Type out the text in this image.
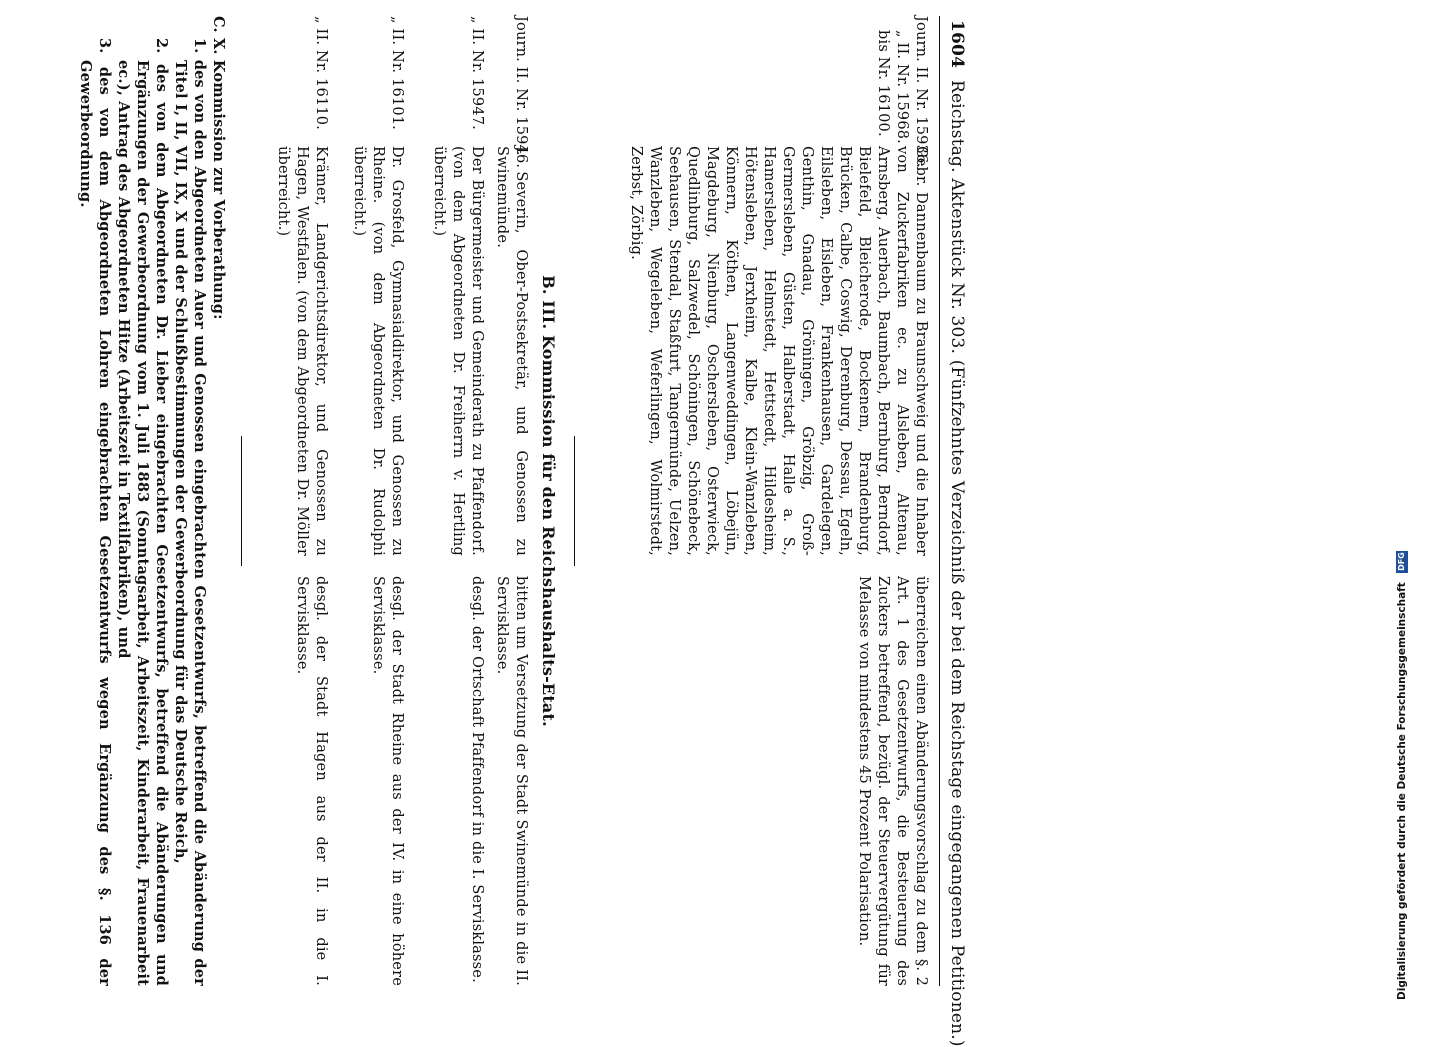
1604
Reichstag. Aktenstück Nr. 303. (Fünfzehntes Verzeichniß der bei dem Reichstage eingegangenen Petitionen.)
Journ. II. Nr. 15936.
„ II. Nr. 15968.
bis Nr. 16100.
Gebr. Dannenbaum zu Braunschweig und die Inhaber von Zuckerfabriken ec. zu Alsleben, Altenau, Arnsberg, Auerbach, Baumbach, Bernburg, Berndorf, Bielefeld, Bleicherode, Bockenem, Brandenburg, Brücken, Calbe, Coswig, Derenburg, Dessau, Egeln, Eilsleben, Eisleben, Frankenhausen, Gardelegen, Genthin, Gnadau, Gröningen, Gröbzig, Groß-Germersleben, Güsten, Halberstadt, Halle a. S., Hamersleben, Helmstedt, Hettstedt, Hildesheim, Hötensleben, Jerxheim, Kalbe, Klein-Wanzleben, Könnern, Köthen, Langenweddingen, Löbejün, Magdeburg, Nienburg, Oschersleben, Osterwieck, Quedlinburg, Salzwedel, Schöningen, Schönebeck, Seehausen, Stendal, Staßfurt, Tangermünde, Uelzen, Wanzleben, Wegeleben, Weferlingen, Wolmirstedt, Zerbst, Zörbig.
überreichen einen Abänderungsvorschlag zu dem §. 2 Art. 1 des Gesetzentwurfs, die Besteuerung des Zuckers betreffend, bezügl. der Steuervergütung für Melasse von mindestens 45 Prozent Polarisation.
B. III. Kommission für den Reichshaushalts-Etat.
Journ. II. Nr. 15946.
J. Severin, Ober-Postsekretär, und Genossen zu Swinemünde.
bitten um Versetzung der Stadt Swinemünde in die II. Servisklasse.
„ II. Nr. 15947.
Der Bürgermeister und Gemeinderath zu Pfaffendorf. (von dem Abgeordneten Dr. Freiherrn v. Hertling überreicht.)
desgl. der Ortschaft Pfaffendorf in die I. Servisklasse.
„ II. Nr. 16101.
Dr. Grosfeld, Gymnasialdirektor, und Genossen zu Rheine. (von dem Abgeordneten Dr. Rudolphi überreicht.)
desgl. der Stadt Rheine aus der IV. in eine höhere Servisklasse.
„ II. Nr. 16110.
Krämer, Landgerichtsdirektor, und Genossen zu Hagen, Westfalen. (von dem Abgeordneten Dr. Möller überreicht.)
desgl. der Stadt Hagen aus der II. in die I. Servisklasse.

C. X. Kommission zur Vorberathung:

1. des von den Abgeordneten Auer und Genossen eingebrachten Gesetzentwurfs, betreffend die Abänderung der Titel I, II, VII, IX, X und der Schlußbestimmungen der Gewerbeordnung für das Deutsche Reich,

2. des von dem Abgeordneten Dr. Lieber eingebrachten Gesetzentwurfs, betreffend die Abänderungen und Ergänzungen der Gewerbeordnung vom 1. Juli 1883 (Sonntagsarbeit, Arbeitszeit, Kinderarbeit, Frauenarbeit ec.), Antrag des Abgeordneten Hitze (Arbeitszeit in Textilfabriken), und

3. des von dem Abgeordneten Lohren eingebrachten Gesetzentwurfs wegen Ergänzung des §. 136 der Gewerbeordnung.

Digitalisierung gefördert durch die Deutsche Forschungsgemeinschaft DFG
